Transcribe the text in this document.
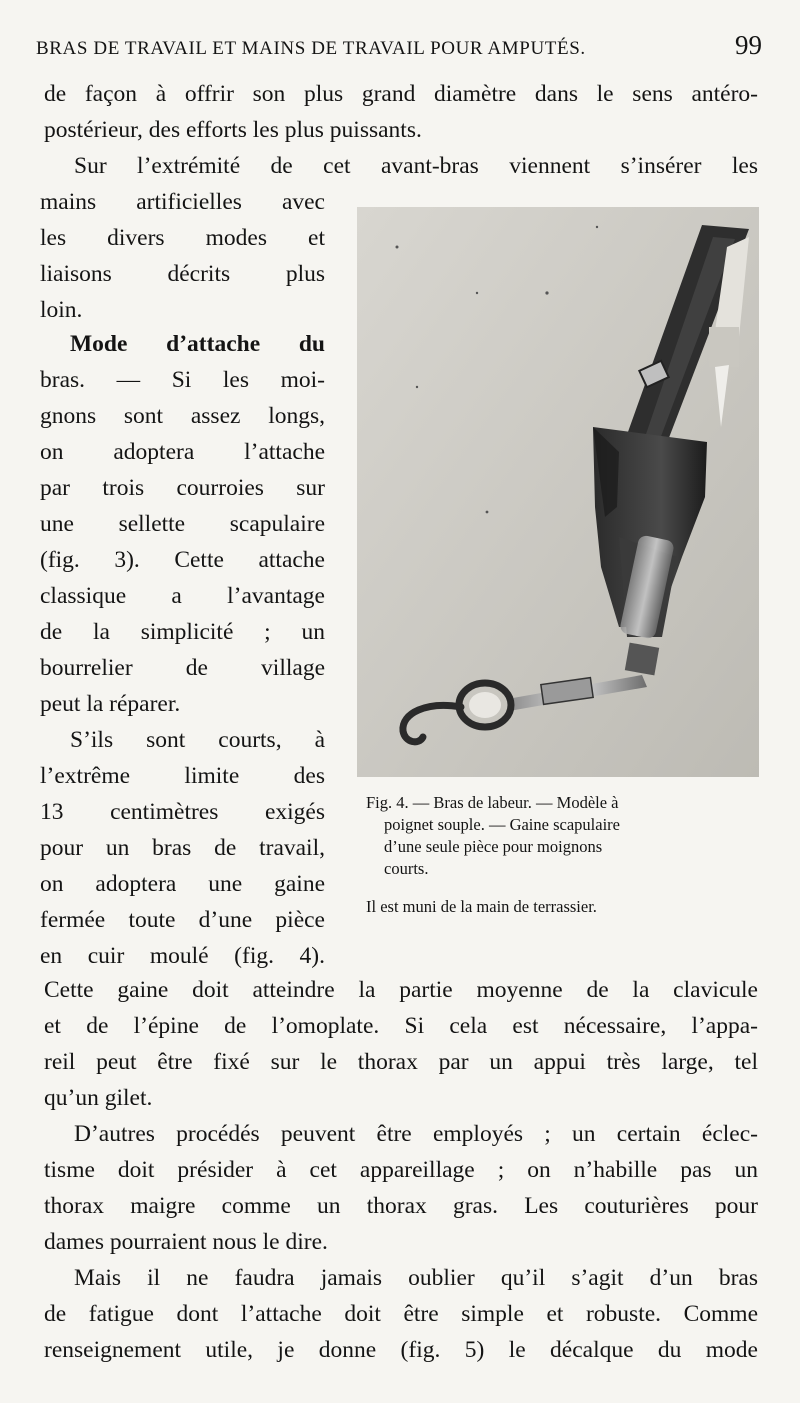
BRAS DE TRAVAIL ET MAINS DE TRAVAIL POUR AMPUTÉS.	99
de façon à offrir son plus grand diamètre dans le sens antéro-
postérieur, des efforts les plus puissants.
Sur l’extrémité de cet avant-bras viennent s’insérer les
mains artificielles avec
les divers modes et
liaisons décrits plus
loin.
Mode d’attache du
bras. — Si les moi-
gnons sont assez longs,
on adoptera l’attache
par trois courroies sur
une sellette scapulaire
(fig. 3). Cette attache
classique a l’avantage
de la simplicité ; un
bourrelier de village
peut la réparer.
S’ils sont courts, à
l’extrême limite des
13 centimètres exigés
pour un bras de travail,
on adoptera une gaine
fermée toute d’une pièce
en cuir moulé (fig. 4).
Fig. 4. — Bras de labeur. — Modèle à
poignet souple. — Gaine scapulaire
d’une seule pièce pour moignons
courts.
Il est muni de la main de terrassier.
Cette gaine doit atteindre la partie moyenne de la clavicule
et de l’épine de l’omoplate. Si cela est nécessaire, l’appa-
reil peut être fixé sur le thorax par un appui très large, tel
qu’un gilet.
D’autres procédés peuvent être employés ; un certain éclec-
tisme doit présider à cet appareillage ; on n’habille pas un
thorax maigre comme un thorax gras. Les couturières pour
dames pourraient nous le dire.
Mais il ne faudra jamais oublier qu’il s’agit d’un bras
de fatigue dont l’attache doit être simple et robuste. Comme
renseignement utile, je donne (fig. 5) le décalque du mode
